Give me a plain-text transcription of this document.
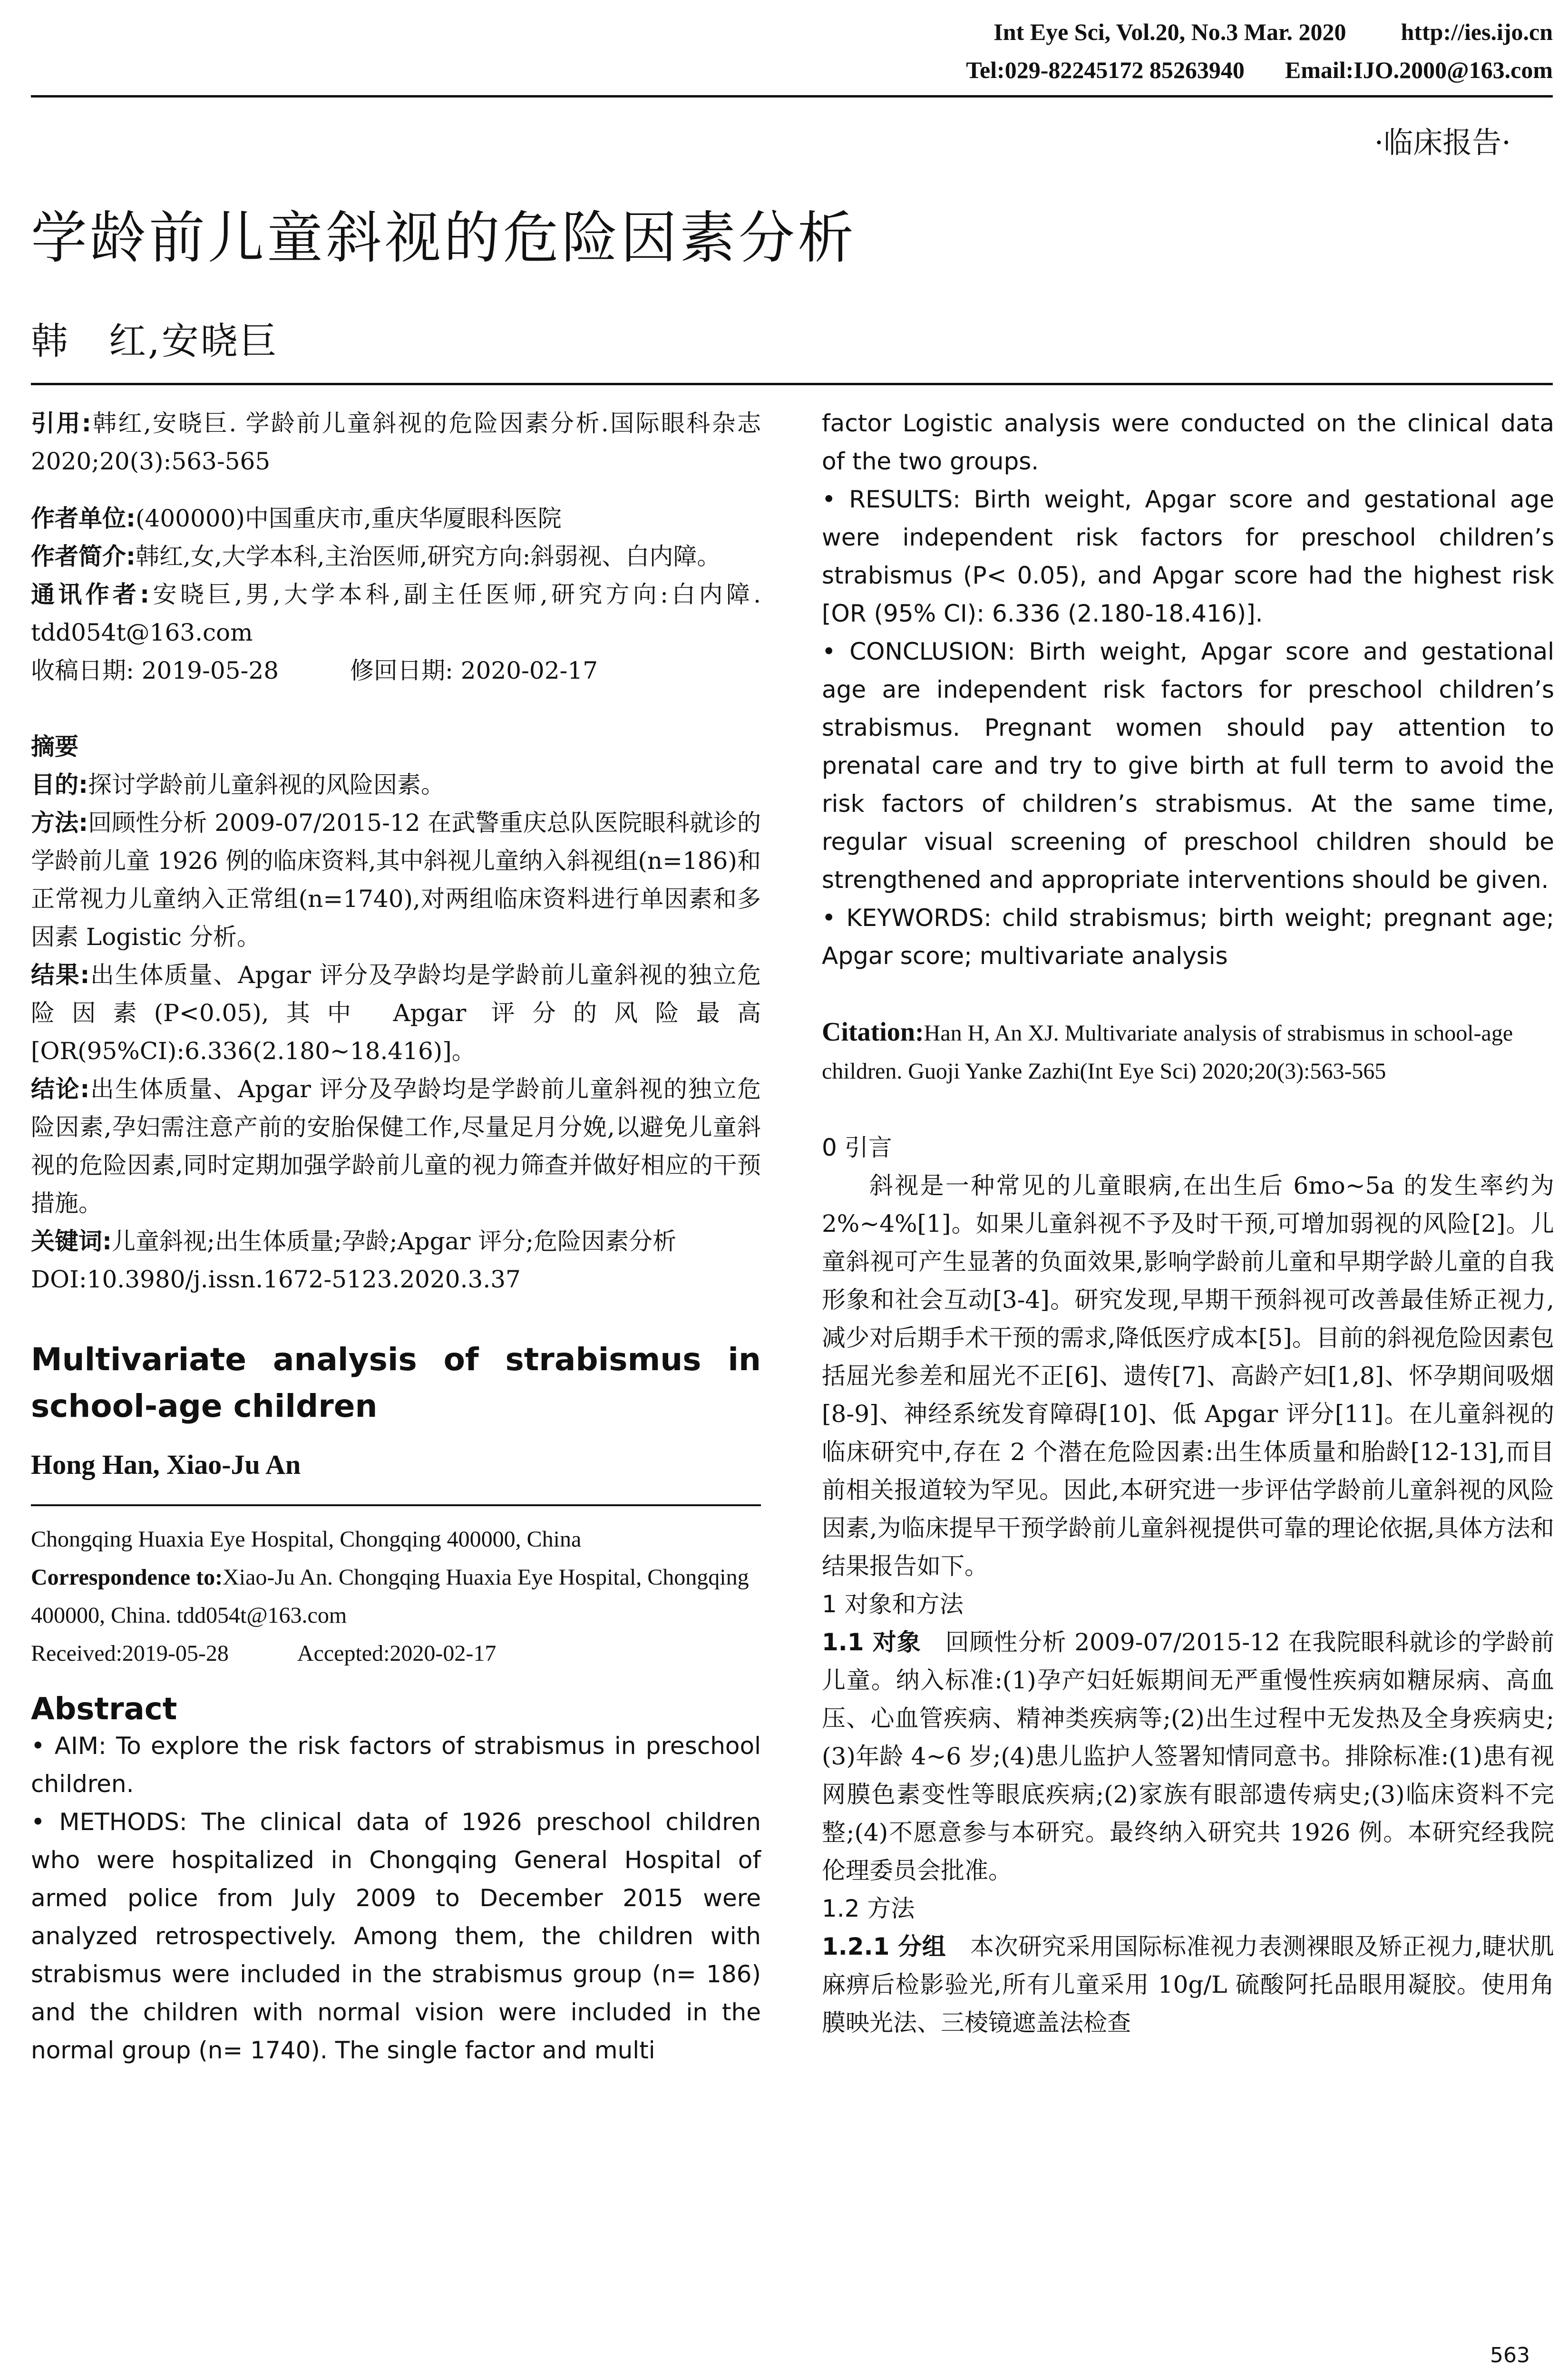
Int Eye Sci, Vol.20, No.3 Mar. 2020 http://ies.ijo.cn
Tel:029-82245172 85263940 Email:IJO.2000@163.com
·临床报告·
学龄前儿童斜视的危险因素分析
韩　红,安晓巨

引用:韩红,安晓巨. 学龄前儿童斜视的危险因素分析.国际眼科杂志 2020;20(3):563-565

作者单位:(400000)中国重庆市,重庆华厦眼科医院

作者简介:韩红,女,大学本科,主治医师,研究方向:斜弱视、白内障。

通讯作者:安晓巨,男,大学本科,副主任医师,研究方向:白内障. tdd054t@163.com

收稿日期: 2019-05-28　　　修回日期: 2020-02-17

摘要

目的:探讨学龄前儿童斜视的风险因素。

方法:回顾性分析 2009-07/2015-12 在武警重庆总队医院眼科就诊的学龄前儿童 1926 例的临床资料,其中斜视儿童纳入斜视组(n=186)和正常视力儿童纳入正常组(n=1740),对两组临床资料进行单因素和多因素 Logistic 分析。

结果:出生体质量、Apgar 评分及孕龄均是学龄前儿童斜视的独立危险因素(P<0.05),其中 Apgar 评分的风险最高[OR(95%CI):6.336(2.180~18.416)]。

结论:出生体质量、Apgar 评分及孕龄均是学龄前儿童斜视的独立危险因素,孕妇需注意产前的安胎保健工作,尽量足月分娩,以避免儿童斜视的危险因素,同时定期加强学龄前儿童的视力筛查并做好相应的干预措施。

关键词:儿童斜视;出生体质量;孕龄;Apgar 评分;危险因素分析

DOI:10.3980/j.issn.1672-5123.2020.3.37

Multivariate analysis of strabismus in school-age children

Hong Han, Xiao-Ju An

Chongqing Huaxia Eye Hospital, Chongqing 400000, China

Correspondence to:Xiao-Ju An. Chongqing Huaxia Eye Hospital, Chongqing 400000, China. tdd054t@163.com

Received:2019-05-28　　　Accepted:2020-02-17

Abstract

• AIM: To explore the risk factors of strabismus in preschool children.

• METHODS: The clinical data of 1926 preschool children who were hospitalized in Chongqing General Hospital of armed police from July 2009 to December 2015 were analyzed retrospectively. Among them, the children with strabismus were included in the strabismus group (n= 186) and the children with normal vision were included in the normal group (n= 1740). The single factor and multi

factor Logistic analysis were conducted on the clinical data of the two groups.

• RESULTS: Birth weight, Apgar score and gestational age were independent risk factors for preschool children’s strabismus (P< 0.05), and Apgar score had the highest risk [OR (95% CI): 6.336 (2.180-18.416)].

• CONCLUSION: Birth weight, Apgar score and gestational age are independent risk factors for preschool children’s strabismus. Pregnant women should pay attention to prenatal care and try to give birth at full term to avoid the risk factors of children’s strabismus. At the same time, regular visual screening of preschool children should be strengthened and appropriate interventions should be given.

• KEYWORDS: child strabismus; birth weight; pregnant age; Apgar score; multivariate analysis

Citation:Han H, An XJ. Multivariate analysis of strabismus in school-age children. Guoji Yanke Zazhi(Int Eye Sci) 2020;20(3):563-565

0 引言

斜视是一种常见的儿童眼病,在出生后 6mo~5a 的发生率约为 2%~4%[1]。如果儿童斜视不予及时干预,可增加弱视的风险[2]。儿童斜视可产生显著的负面效果,影响学龄前儿童和早期学龄儿童的自我形象和社会互动[3-4]。研究发现,早期干预斜视可改善最佳矫正视力,减少对后期手术干预的需求,降低医疗成本[5]。目前的斜视危险因素包括屈光参差和屈光不正[6]、遗传[7]、高龄产妇[1,8]、怀孕期间吸烟[8-9]、神经系统发育障碍[10]、低 Apgar 评分[11]。在儿童斜视的临床研究中,存在 2 个潜在危险因素:出生体质量和胎龄[12-13],而目前相关报道较为罕见。因此,本研究进一步评估学龄前儿童斜视的风险因素,为临床提早干预学龄前儿童斜视提供可靠的理论依据,具体方法和结果报告如下。

1 对象和方法

1.1 对象　 回顾性分析 2009-07/2015-12 在我院眼科就诊的学龄前儿童。纳入标准:(1)孕产妇妊娠期间无严重慢性疾病如糖尿病、高血压、心血管疾病、精神类疾病等;(2)出生过程中无发热及全身疾病史;(3)年龄 4~6 岁;(4)患儿监护人签署知情同意书。排除标准:(1)患有视网膜色素变性等眼底疾病;(2)家族有眼部遗传病史;(3)临床资料不完整;(4)不愿意参与本研究。最终纳入研究共 1926 例。本研究经我院伦理委员会批准。

1.2 方法

1.2.1 分组　 本次研究采用国际标准视力表测裸眼及矫正视力,睫状肌麻痹后检影验光,所有儿童采用 10g/L 硫酸阿托品眼用凝胶。使用角膜映光法、三棱镜遮盖法检查

563
